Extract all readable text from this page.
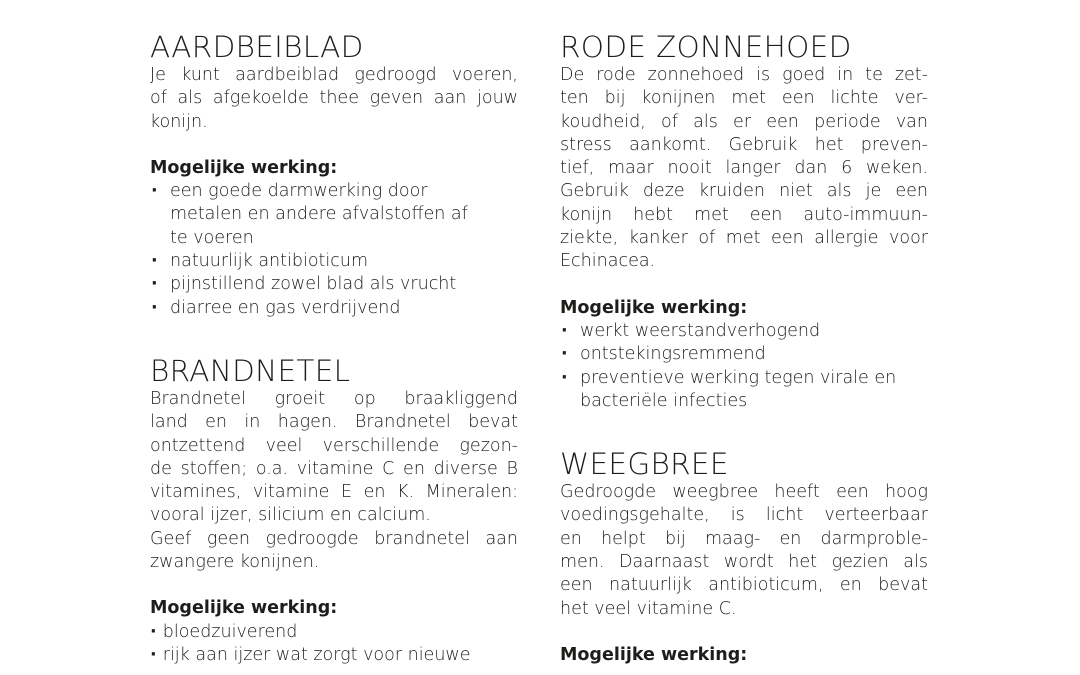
AARDBEIBLAD
Je kunt aardbeiblad gedroogd voeren,
of als afgekoelde thee geven aan jouw
konijn.

Mogelijke werking:

· een goede darmwerking door metalen en andere afvalstoffen af te voeren
· natuurlijk antibioticum
· pijnstillend zowel blad als vrucht
· diarree en gas verdrijvend
BRANDNETEL
Brandnetel groeit op braakliggend
land en in hagen. Brandnetel bevat
ontzettend veel verschillende gezon-
de stoffen; o.a. vitamine C en diverse B
vitamines, vitamine E en K. Mineralen:
vooral ijzer, silicium en calcium.
Geef geen gedroogde brandnetel aan
zwangere konijnen.

Mogelijke werking:

· bloedzuiverend
· rijk aan ijzer wat zorgt voor nieuwe
RODE ZONNEHOED
De rode zonnehoed is goed in te zet-
ten bij konijnen met een lichte ver-
koudheid, of als er een periode van
stress aankomt. Gebruik het preven-
tief, maar nooit langer dan 6 weken.
Gebruik deze kruiden niet als je een
konijn hebt met een auto-immuun-
ziekte, kanker of met een allergie voor
Echinacea.

Mogelijke werking:

· werkt weerstandverhogend
· ontstekingsremmend
· preventieve werking tegen virale en bacteriële infecties
WEEGBREE
Gedroogde weegbree heeft een hoog
voedingsgehalte, is licht verteerbaar
en helpt bij maag- en darmproble-
men. Daarnaast wordt het gezien als
een natuurlijk antibioticum, en bevat
het veel vitamine C.

Mogelijke werking:
